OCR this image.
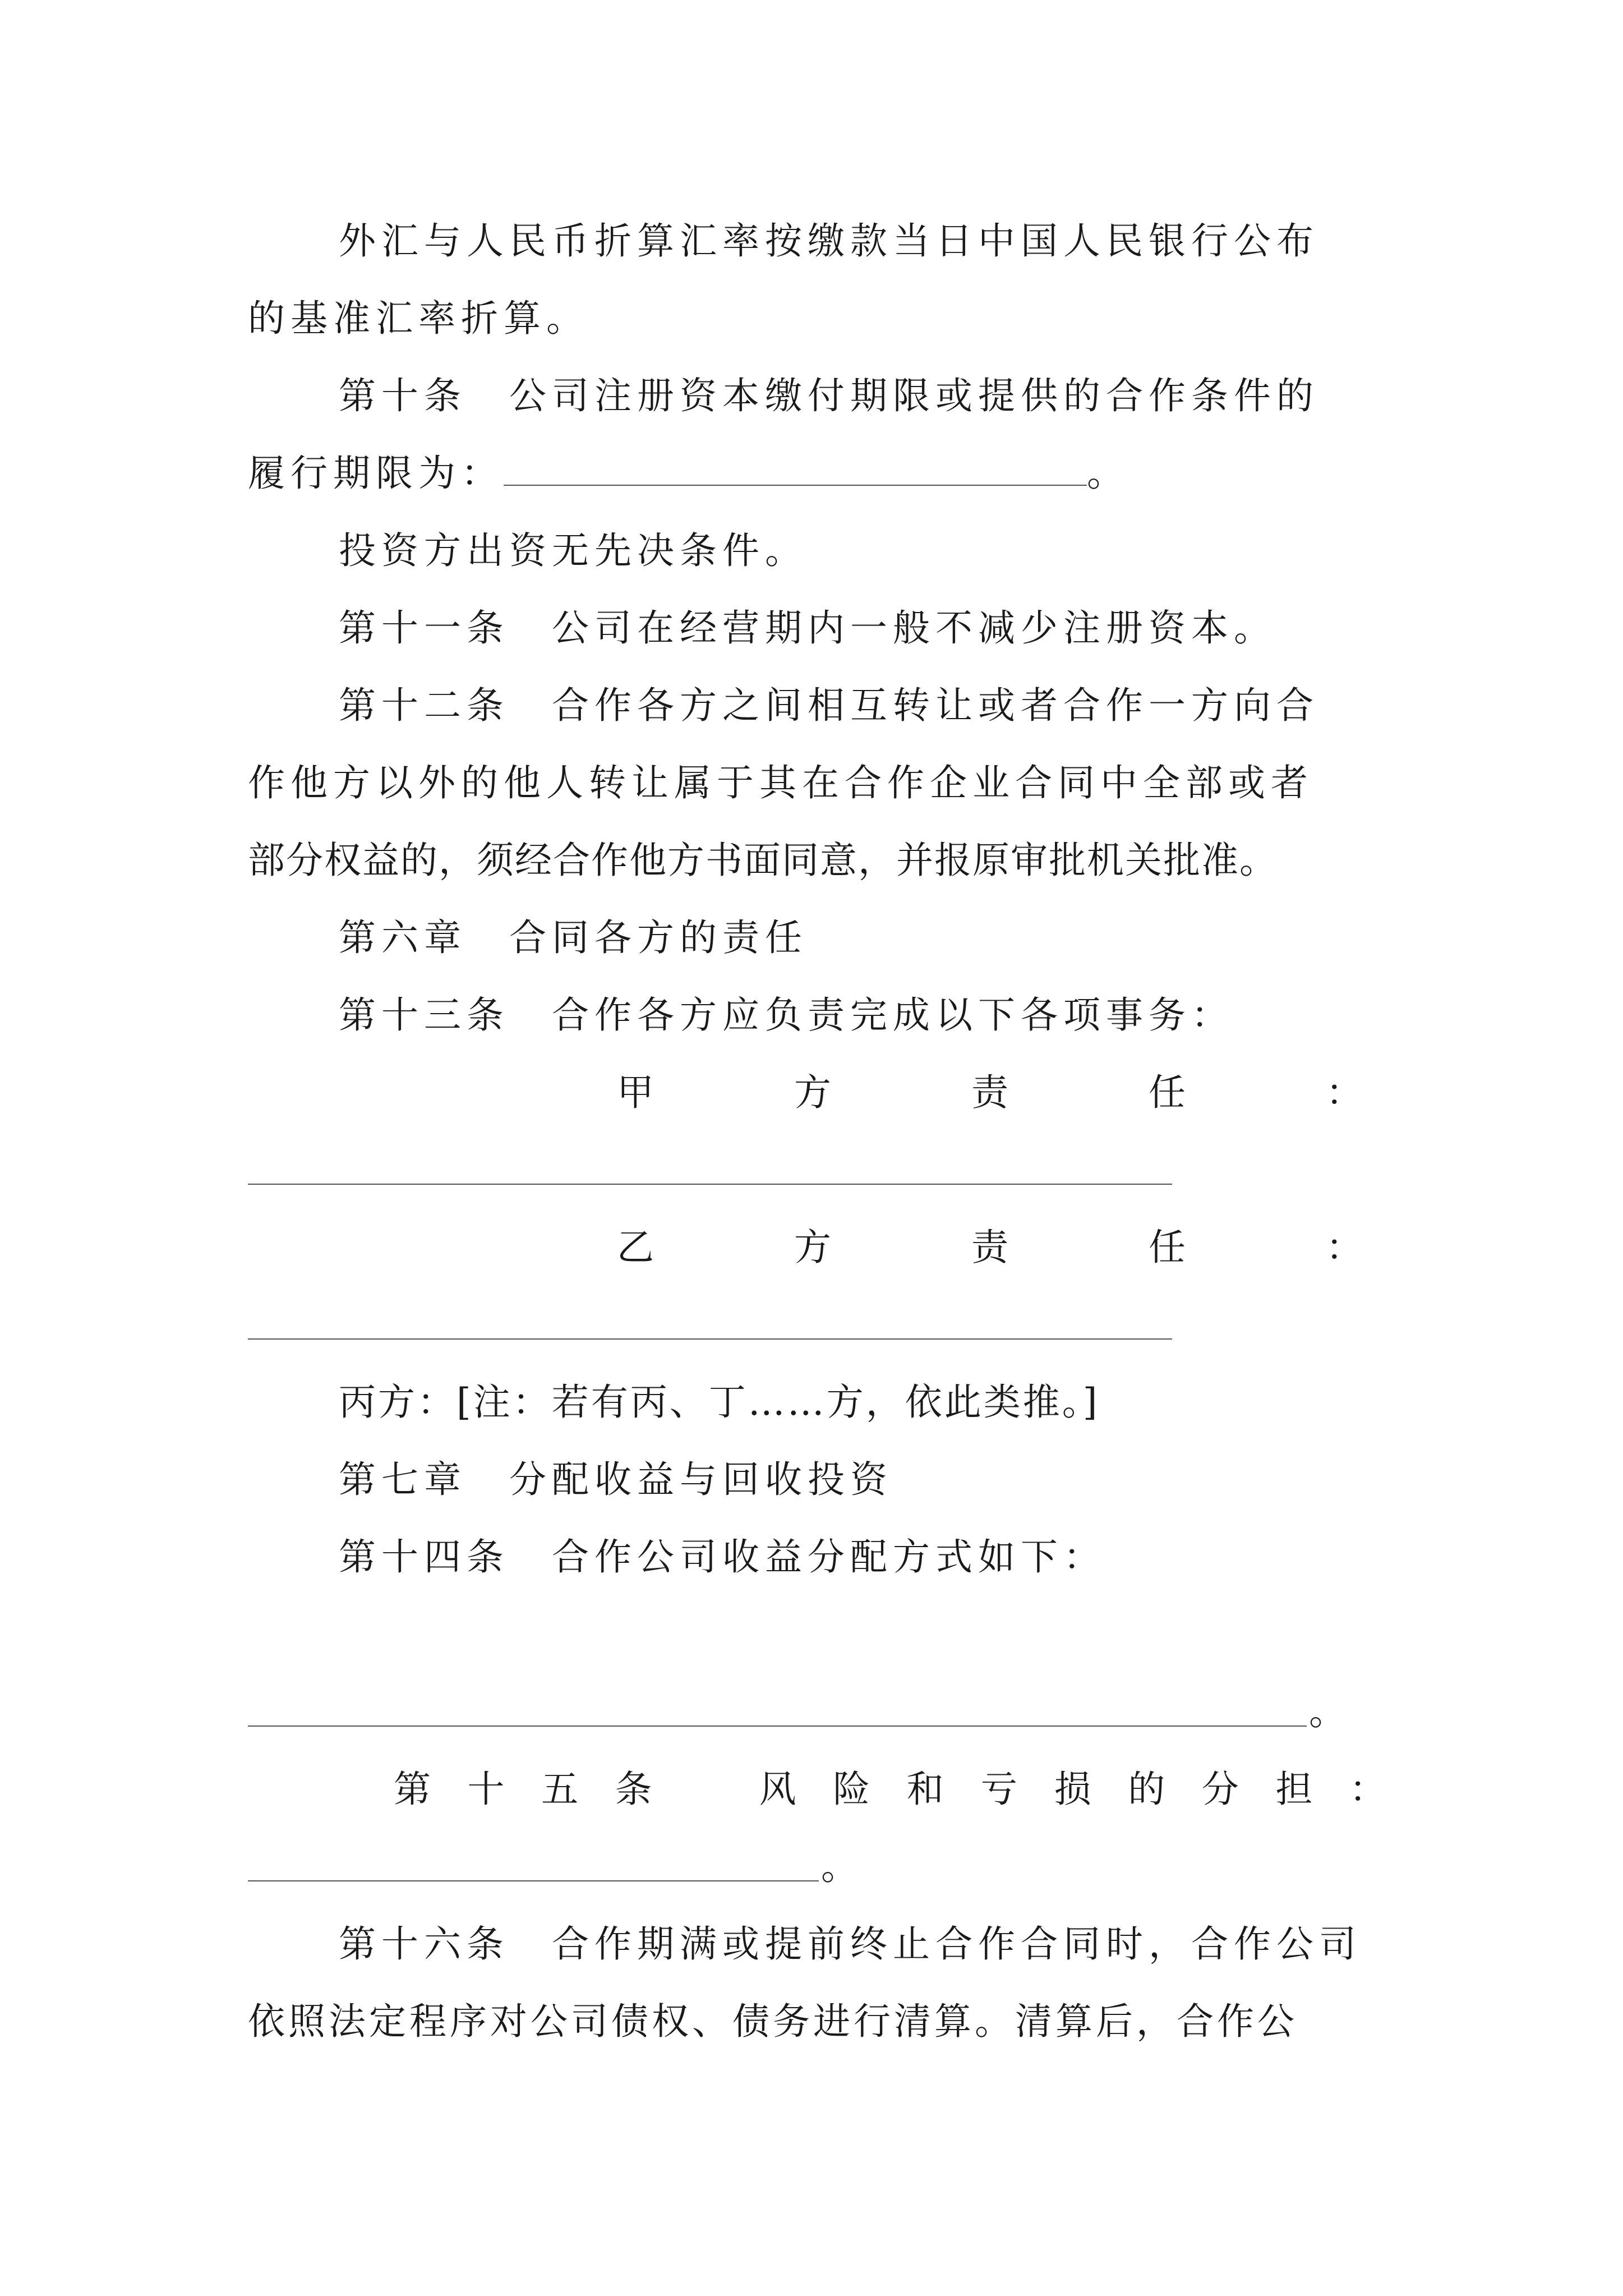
外汇与人民币折算汇率按缴款当日中国人民银行公布
的基准汇率折算。
第十条　公司注册资本缴付期限或提供的合作条件的
履行期限为：	。
投资方出资无先决条件。
第十一条　公司在经营期内一般不减少注册资本。
第十二条　合作各方之间相互转让或者合作一方向合
作他方以外的他人转让属于其在合作企业合同中全部或者
部分权益的，须经合作他方书面同意，并报原审批机关批准。
第六章　合同各方的责任
第十三条　合作各方应负责完成以下各项事务：
甲	方	责	任	：
乙	方	责	任	：
丙方：[注：若有丙、丁……方，依此类推。]
第七章　分配收益与回收投资
第十四条　合作公司收益分配方式如下：
。
第 十 五 条	风 险 和 亏 损 的 分 担 ：
。
第十六条　合作期满或提前终止合作合同时，合作公司
依照法定程序对公司债权、债务进行清算。清算后，合作公
